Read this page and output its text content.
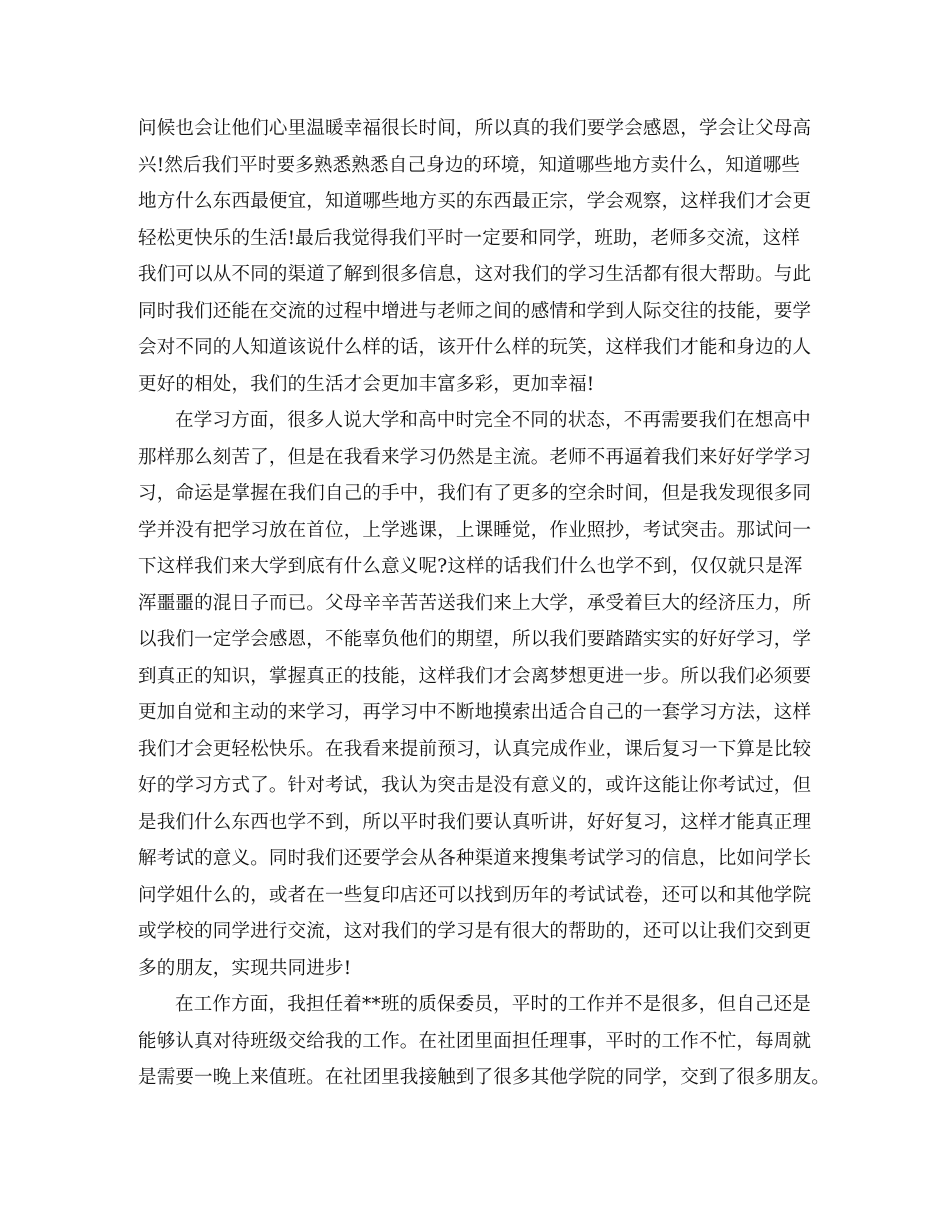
问候也会让他们心里温暖幸福很长时间，所以真的我们要学会感恩，学会让父母高
兴!然后我们平时要多熟悉熟悉自己身边的环境，知道哪些地方卖什么，知道哪些
地方什么东西最便宜，知道哪些地方买的东西最正宗，学会观察，这样我们才会更
轻松更快乐的生活!最后我觉得我们平时一定要和同学，班助，老师多交流，这样
我们可以从不同的渠道了解到很多信息，这对我们的学习生活都有很大帮助。与此
同时我们还能在交流的过程中增进与老师之间的感情和学到人际交往的技能，要学
会对不同的人知道该说什么样的话，该开什么样的玩笑，这样我们才能和身边的人
更好的相处，我们的生活才会更加丰富多彩，更加幸福!
在学习方面，很多人说大学和高中时完全不同的状态，不再需要我们在想高中
那样那么刻苦了，但是在我看来学习仍然是主流。老师不再逼着我们来好好学学习
习，命运是掌握在我们自己的手中，我们有了更多的空余时间，但是我发现很多同
学并没有把学习放在首位，上学逃课，上课睡觉，作业照抄，考试突击。那试问一
下这样我们来大学到底有什么意义呢?这样的话我们什么也学不到，仅仅就只是浑
浑噩噩的混日子而已。父母辛辛苦苦送我们来上大学，承受着巨大的经济压力，所
以我们一定学会感恩，不能辜负他们的期望，所以我们要踏踏实实的好好学习，学
到真正的知识，掌握真正的技能，这样我们才会离梦想更进一步。所以我们必须要
更加自觉和主动的来学习，再学习中不断地摸索出适合自己的一套学习方法，这样
我们才会更轻松快乐。在我看来提前预习，认真完成作业，课后复习一下算是比较
好的学习方式了。针对考试，我认为突击是没有意义的，或许这能让你考试过，但
是我们什么东西也学不到，所以平时我们要认真听讲，好好复习，这样才能真正理
解考试的意义。同时我们还要学会从各种渠道来搜集考试学习的信息，比如问学长
问学姐什么的，或者在一些复印店还可以找到历年的考试试卷，还可以和其他学院
或学校的同学进行交流，这对我们的学习是有很大的帮助的，还可以让我们交到更
多的朋友，实现共同进步!
在工作方面，我担任着**班的质保委员，平时的工作并不是很多，但自己还是
能够认真对待班级交给我的工作。在社团里面担任理事，平时的工作不忙，每周就
是需要一晚上来值班。在社团里我接触到了很多其他学院的同学，交到了很多朋友。
